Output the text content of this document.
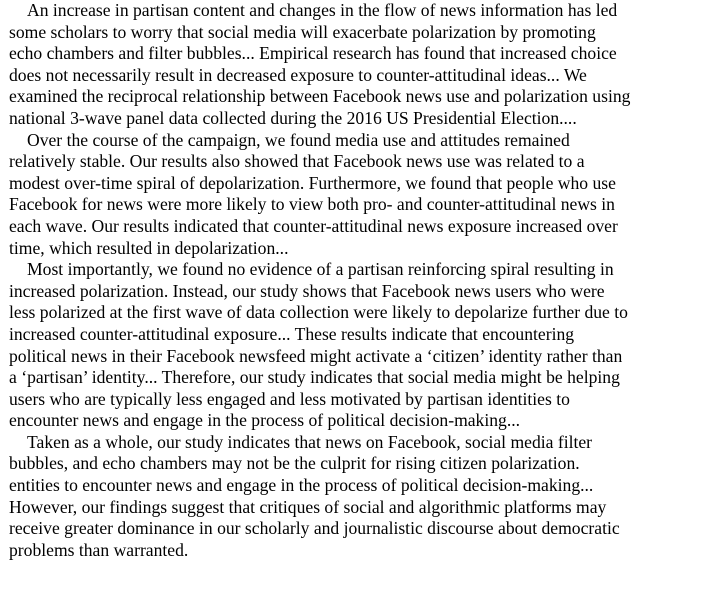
An increase in partisan content and changes in the flow of news information has led
some scholars to worry that social media will exacerbate polarization by promoting
echo chambers and filter bubbles... Empirical research has found that increased choice
does not necessarily result in decreased exposure to counter-attitudinal ideas... We
examined the reciprocal relationship between Facebook news use and polarization using
national 3-wave panel data collected during the 2016 US Presidential Election....

Over the course of the campaign, we found media use and attitudes remained
relatively stable. Our results also showed that Facebook news use was related to a
modest over-time spiral of depolarization. Furthermore, we found that people who use
Facebook for news were more likely to view both pro- and counter-attitudinal news in
each wave. Our results indicated that counter-attitudinal news exposure increased over
time, which resulted in depolarization...

Most importantly, we found no evidence of a partisan reinforcing spiral resulting in
increased polarization. Instead, our study shows that Facebook news users who were
less polarized at the first wave of data collection were likely to depolarize further due to
increased counter-attitudinal exposure... These results indicate that encountering
political news in their Facebook newsfeed might activate a ‘citizen’ identity rather than
a ‘partisan’ identity... Therefore, our study indicates that social media might be helping
users who are typically less engaged and less motivated by partisan identities to
encounter news and engage in the process of political decision-making...

Taken as a whole, our study indicates that news on Facebook, social media filter
bubbles, and echo chambers may not be the culprit for rising citizen polarization.
entities to encounter news and engage in the process of political decision-making...
However, our findings suggest that critiques of social and algorithmic platforms may
receive greater dominance in our scholarly and journalistic discourse about democratic
problems than warranted.
